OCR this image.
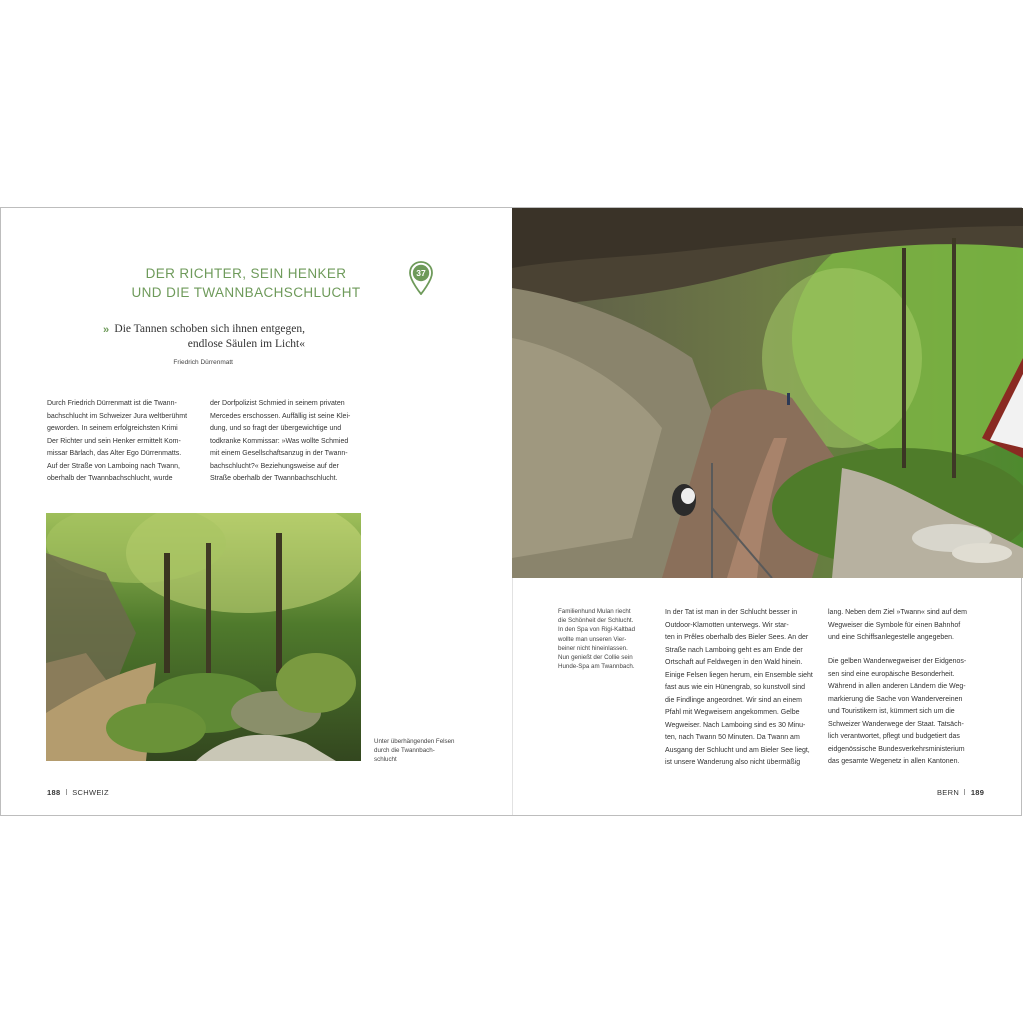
DER RICHTER, SEIN HENKER
UND DIE TWANNBACHSCHLUCHT
37
» Die Tannen schoben sich ihnen entgegen,
endlose Säulen im Licht«
Friedrich Dürrenmatt
Durch Friedrich Dürrenmatt ist die Twann-
bachschlucht im Schweizer Jura weltberühmt
geworden. In seinem erfolgreichsten Krimi
Der Richter und sein Henker ermittelt Kom-
missar Bärlach, das Alter Ego Dürrenmatts.
Auf der Straße von Lamboing nach Twann,
oberhalb der Twannbachschlucht, wurde
der Dorfpolizist Schmied in seinem privaten
Mercedes erschossen. Auffällig ist seine Klei-
dung, und so fragt der übergewichtige und
todkranke Kommissar: »Was wollte Schmied
mit einem Gesellschaftsanzug in der Twann-
bachschlucht?« Beziehungsweise auf der
Straße oberhalb der Twannbachschlucht.
Unter überhängenden Felsen
durch die Twannbach-
schlucht
188 SCHWEIZ
Familienhund Mulan riecht
die Schönheit der Schlucht.
In den Spa von Rigi-Kaltbad
wollte man unseren Vier-
beiner nicht hineinlassen.
Nun genießt der Collie sein
Hunde-Spa am Twannbach.
In der Tat ist man in der Schlucht besser in
Outdoor-Klamotten unterwegs. Wir star-
ten in Prêles oberhalb des Bieler Sees. An der
Straße nach Lamboing geht es am Ende der
Ortschaft auf Feldwegen in den Wald hinein.
Einige Felsen liegen herum, ein Ensemble sieht
fast aus wie ein Hünengrab, so kunstvoll sind
die Findlinge angeordnet. Wir sind an einem
Pfahl mit Wegweisern angekommen. Gelbe
Wegweiser. Nach Lamboing sind es 30 Minu-
ten, nach Twann 50 Minuten. Da Twann am
Ausgang der Schlucht und am Bieler See liegt,
ist unsere Wanderung also nicht übermäßig
lang. Neben dem Ziel »Twann« sind auf dem
Wegweiser die Symbole für einen Bahnhof
und eine Schiffsanlegestelle angegeben.
Die gelben Wanderwegweiser der Eidgenos-
sen sind eine europäische Besonderheit.
Während in allen anderen Ländern die Weg-
markierung die Sache von Wandervereinen
und Touristikern ist, kümmert sich um die
Schweizer Wanderwege der Staat. Tatsäch-
lich verantwortet, pflegt und budgetiert das
eidgenössische Bundesverkehrsministerium
das gesamte Wegenetz in allen Kantonen.
BERN 189
